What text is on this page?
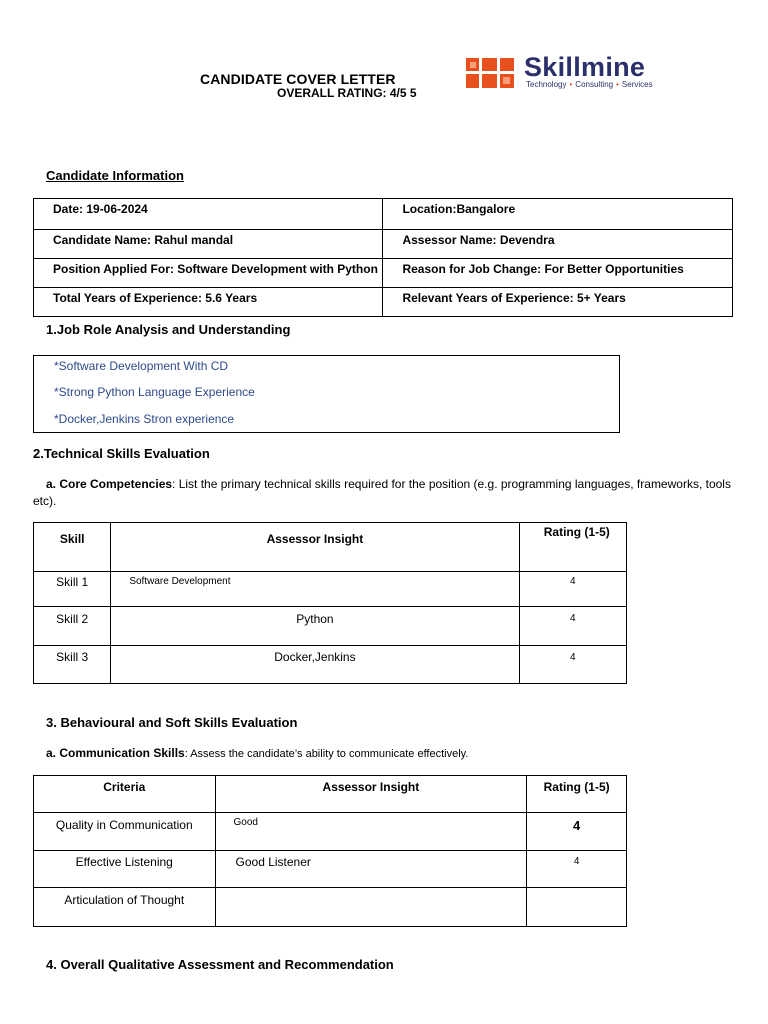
CANDIDATE COVER LETTER
OVERALL RATING: 4/5 5
Skillmine
Technology • Consulting • Services
Candidate Information
Date: 19-06-2024	Location:Bangalore
Candidate Name: Rahul mandal	Assessor Name: Devendra
Position Applied For: Software Development with Python	Reason for Job Change: For Better Opportunities
Total Years of Experience: 5.6 Years	Relevant Years of Experience: 5+ Years
1.Job Role Analysis and Understanding
*Software Development With CD
*Strong Python Language Experience
*Docker,Jenkins Stron experience
2.Technical Skills Evaluation
a. Core Competencies: List the primary technical skills required for the position (e.g. programming languages, frameworks, tools etc).
Skill	Assessor Insight	Rating (1-5)
Skill 1	Software Development	4
Skill 2	Python	4
Skill 3	Docker,Jenkins	4
3. Behavioural and Soft Skills Evaluation
a. Communication Skills: Assess the candidate’s ability to communicate effectively.
Criteria	Assessor Insight	Rating (1-5)
Quality in Communication	Good	4
Effective Listening	Good Listener	4
Articulation of Thought		
4. Overall Qualitative Assessment and Recommendation
